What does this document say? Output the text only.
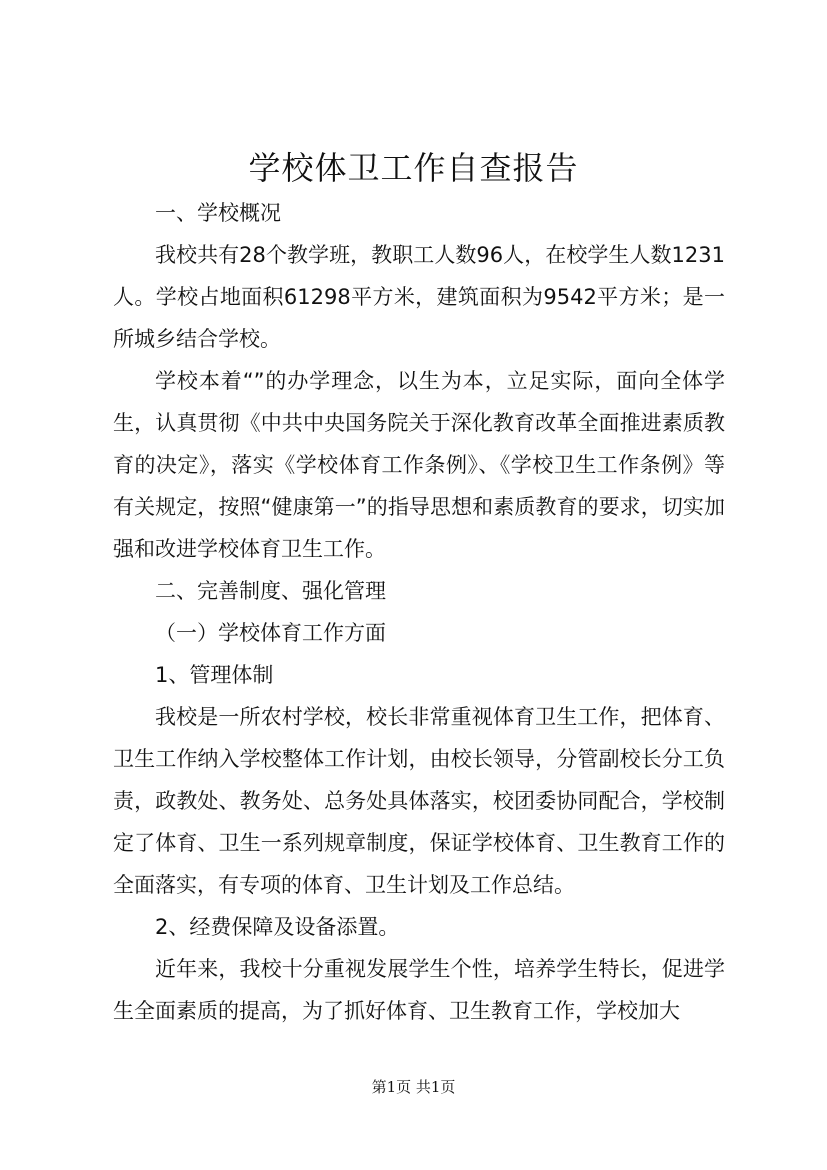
学校体卫工作自查报告

一、学校概况

我校共有28个教学班，教职工人数96人，在校学生人数1231人。学校占地面积61298平方米，建筑面积为9542平方米；是一所城乡结合学校。

学校本着“”的办学理念，以生为本，立足实际，面向全体学生，认真贯彻《中共中央国务院关于深化教育改革全面推进素质教育的决定》，落实《学校体育工作条例》、《学校卫生工作条例》等有关规定，按照“健康第一”的指导思想和素质教育的要求，切实加强和改进学校体育卫生工作。

二、完善制度、强化管理

（一）学校体育工作方面

1、管理体制

我校是一所农村学校，校长非常重视体育卫生工作，把体育、卫生工作纳入学校整体工作计划，由校长领导，分管副校长分工负责，政教处、教务处、总务处具体落实，校团委协同配合，学校制定了体育、卫生一系列规章制度，保证学校体育、卫生教育工作的全面落实，有专项的体育、卫生计划及工作总结。

2、经费保障及设备添置。

近年来，我校十分重视发展学生个性，培养学生特长，促进学生全面素质的提高，为了抓好体育、卫生教育工作，学校加大

第1页 共1页
